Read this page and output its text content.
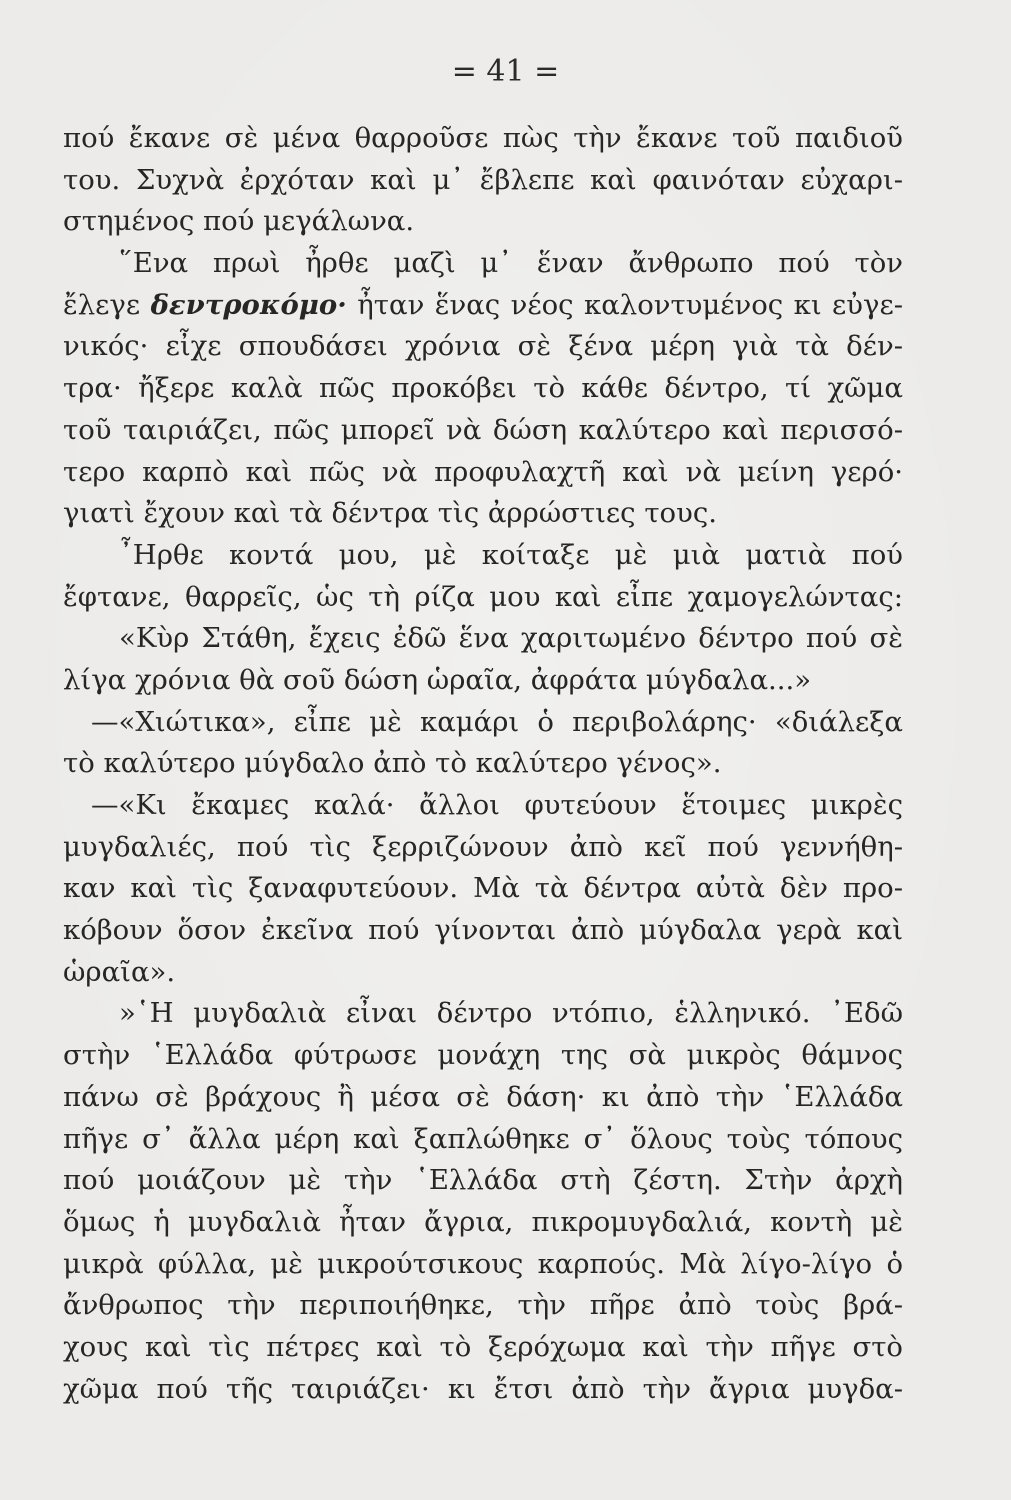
= 41 =
πού ἔκανε σὲ μένα θαρροῦσε πὼς τὴν ἔκανε τοῦ παιδιοῦ
του. Συχνὰ ἐρχόταν καὶ μ᾿ ἔβλεπε καὶ φαινόταν εὐχαρι-
στημένος πού μεγάλωνα.
῞Ενα πρωὶ ἦρθε μαζὶ μ᾿ ἕναν ἄνθρωπο πού τὸν
ἔλεγε δεντροκόμο· ἦταν ἕνας νέος καλοντυμένος κι εὐγε-
νικός· εἶχε σπουδάσει χρόνια σὲ ξένα μέρη γιὰ τὰ δέν-
τρα· ἤξερε καλὰ πῶς προκόβει τὸ κάθε δέντρο, τί χῶμα
τοῦ ταιριάζει, πῶς μπορεῖ νὰ δώση καλύτερο καὶ περισσό-
τερο καρπὸ καὶ πῶς νὰ προφυλαχτῆ καὶ νὰ μείνη γερό·
γιατὶ ἔχουν καὶ τὰ δέντρα τὶς ἀρρώστιες τους.
῏Ηρθε κοντά μου, μὲ κοίταξε μὲ μιὰ ματιὰ πού
ἔφτανε, θαρρεῖς, ὡς τὴ ρίζα μου καὶ εἶπε χαμογελώντας:
«Κὺρ Στάθη, ἔχεις ἐδῶ ἕνα χαριτωμένο δέντρο πού σὲ
λίγα χρόνια θὰ σοῦ δώση ὡραῖα, ἀφράτα μύγδαλα...»
—«Χιώτικα», εἶπε μὲ καμάρι ὁ περιβολάρης· «διάλεξα
τὸ καλύτερο μύγδαλο ἀπὸ τὸ καλύτερο γένος».
—«Κι ἔκαμες καλά· ἄλλοι φυτεύουν ἕτοιμες μικρὲς
μυγδαλιές, πού τὶς ξερριζώνουν ἀπὸ κεῖ πού γεννήθη-
καν καὶ τὶς ξαναφυτεύουν. Μὰ τὰ δέντρα αὐτὰ δὲν προ-
κόβουν ὅσον ἐκεῖνα πού γίνονται ἀπὸ μύγδαλα γερὰ καὶ
ὡραῖα».
»῾Η μυγδαλιὰ εἶναι δέντρο ντόπιο, ἑλληνικό. ᾿Εδῶ
στὴν ῾Ελλάδα φύτρωσε μονάχη της σὰ μικρὸς θάμνος
πάνω σὲ βράχους ἢ μέσα σὲ δάση· κι ἀπὸ τὴν ῾Ελλάδα
πῆγε σ᾿ ἄλλα μέρη καὶ ξαπλώθηκε σ᾿ ὅλους τοὺς τόπους
πού μοιάζουν μὲ τὴν ῾Ελλάδα στὴ ζέστη. Στὴν ἀρχὴ
ὅμως ἡ μυγδαλιὰ ἦταν ἄγρια, πικρομυγδαλιά, κοντὴ μὲ
μικρὰ φύλλα, μὲ μικρούτσικους καρπούς. Μὰ λίγο-λίγο ὁ
ἄνθρωπος τὴν περιποιήθηκε, τὴν πῆρε ἀπὸ τοὺς βρά-
χους καὶ τὶς πέτρες καὶ τὸ ξερόχωμα καὶ τὴν πῆγε στὸ
χῶμα πού τῆς ταιριάζει· κι ἔτσι ἀπὸ τὴν ἄγρια μυγδα-
